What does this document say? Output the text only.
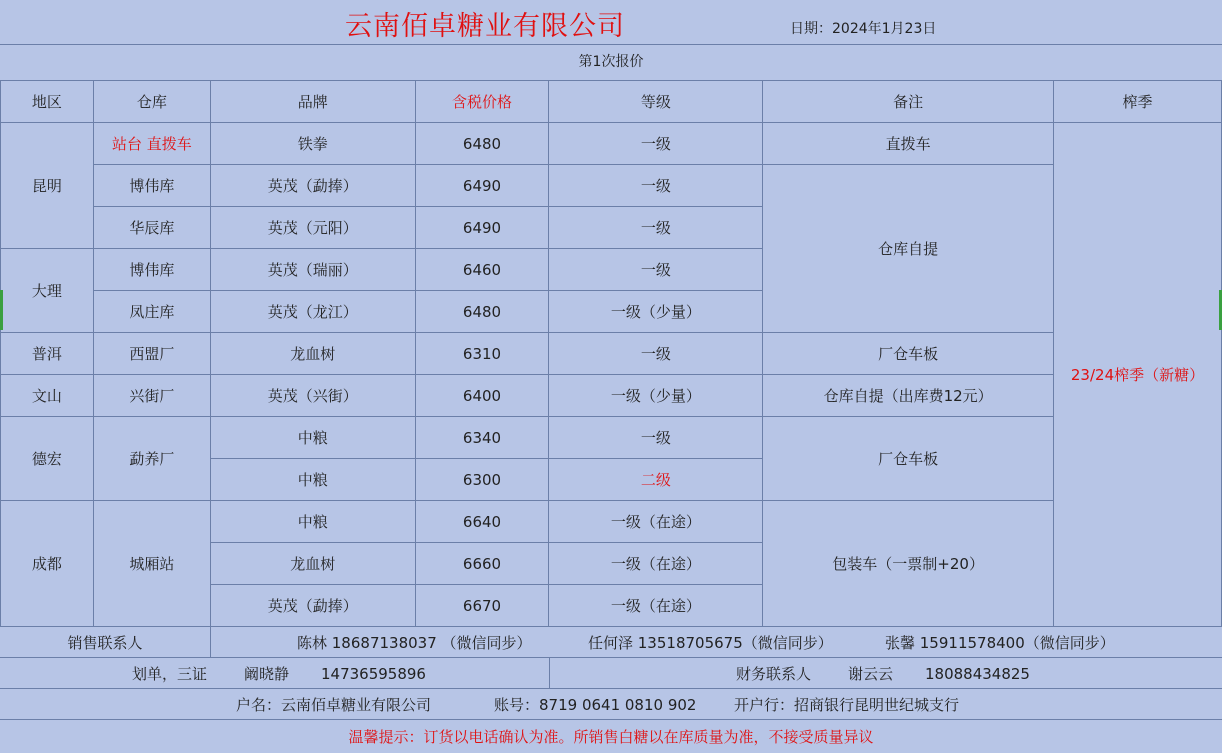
云南佰卓糖业有限公司	日期：2024年1月23日
第1次报价
地区	仓库	品牌	含税价格	等级	备注	榨季
昆明	站台 直拨车	铁拳	6480	一级	直拨车	23/24榨季（新糖）
	博伟库	英茂（勐捧）	6490	一级	仓库自提	
	华辰库	英茂（元阳）	6490	一级		
大理	博伟库	英茂（瑞丽）	6460	一级		
	凤庄库	英茂（龙江）	6480	一级（少量）		
普洱	西盟厂	龙血树	6310	一级	厂仓车板	
文山	兴街厂	英茂（兴街）	6400	一级（少量）	仓库自提（出库费12元）	
德宏	勐养厂	中粮	6340	一级	厂仓车板	
		中粮	6300	二级		
成都	城厢站	中粮	6640	一级（在途）	包装车（一票制+20）	
		龙血树	6660	一级（在途）		
		英茂（勐捧）	6670	一级（在途）		
销售联系人	陈林 18687138037 （微信同步）	任何泽 13518705675（微信同步）	张馨 15911578400（微信同步）
划单，三证 阚晓静 14736595896	财务联系人 谢云云 18088434825
户名：云南佰卓糖业有限公司	账号：8719 0641 0810 902	开户行：招商银行昆明世纪城支行
温馨提示：订货以电话确认为准。所销售白糖以在库质量为准，不接受质量异议
